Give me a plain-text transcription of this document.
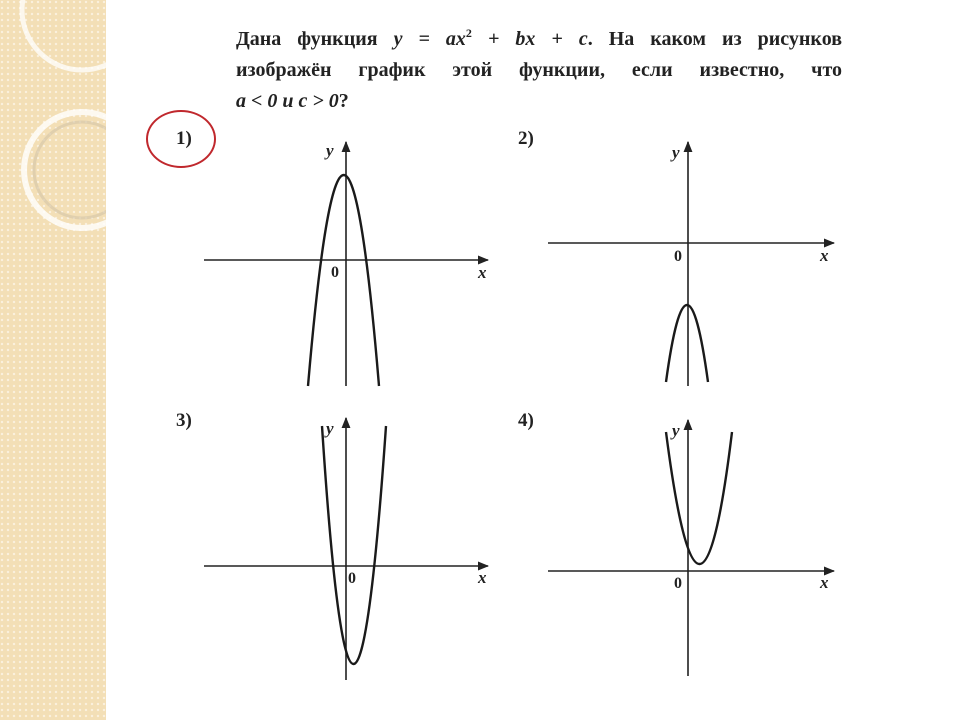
Дана функция $y = ax^2$ + bx + c. На каком из рисунков
изображён график этой функции, если известно, что
a < 0 и c > 0?
1)	2)
3)	4)
x
y
0
x
y
0
x
y
0	x
y
0
